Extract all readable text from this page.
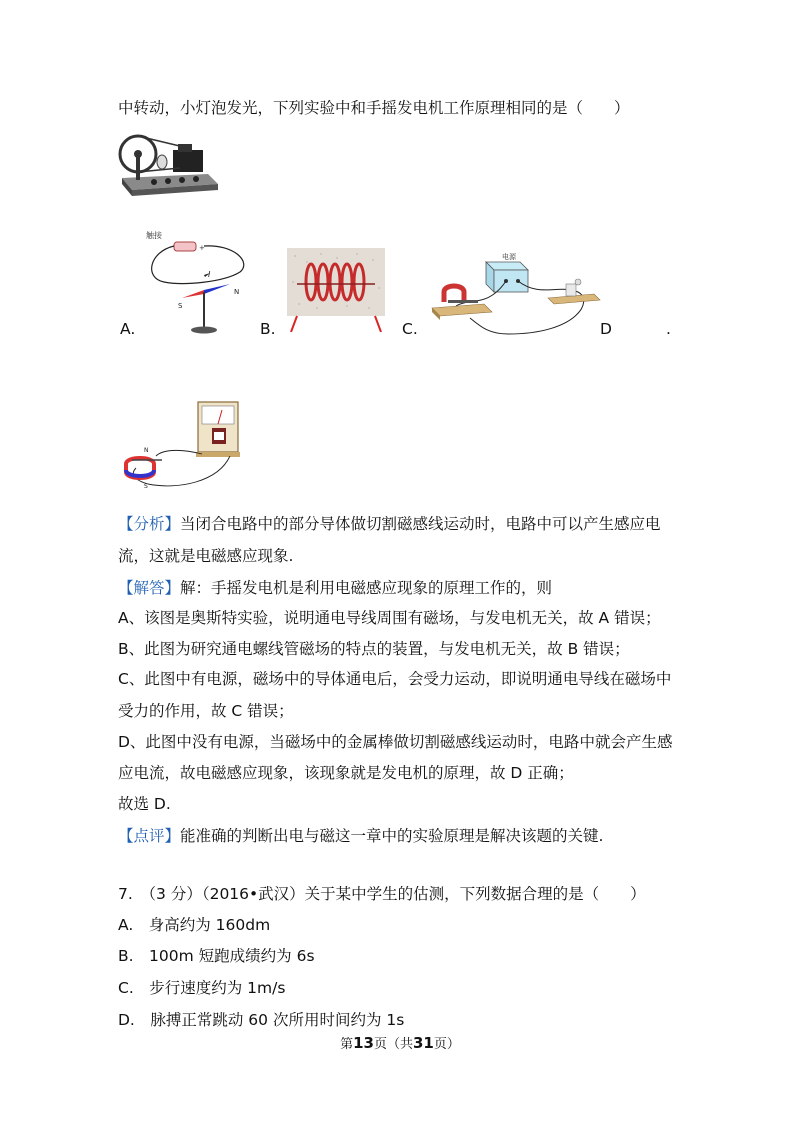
中转动，小灯泡发光，下列实验中和手摇发电机工作原理相同的是（　　）
触接
+
I
S
N
A.	B.
电源
C.	D	.
N
S
【分析】当闭合电路中的部分导体做切割磁感线运动时，电路中可以产生感应电
流，这就是电磁感应现象.
【解答】解：手摇发电机是利用电磁感应现象的原理工作的，则
A、该图是奥斯特实验，说明通电导线周围有磁场，与发电机无关，故 A 错误；
B、此图为研究通电螺线管磁场的特点的装置，与发电机无关，故 B 错误；
C、此图中有电源，磁场中的导体通电后，会受力运动，即说明通电导线在磁场中
受力的作用，故 C 错误；
D、此图中没有电源，当磁场中的金属棒做切割磁感线运动时，电路中就会产生感
应电流，故电磁感应现象，该现象就是发电机的原理，故 D 正确；
故选 D.
【点评】能准确的判断出电与磁这一章中的实验原理是解决该题的关键.
7.　（3 分）（2016•武汉）关于某中学生的估测，下列数据合理的是（　　）
A.　身高约为 160dm
B.　100m 短跑成绩约为 6s
C.　步行速度约为 1m/s
D.　脉搏正常跳动 60 次所用时间约为 1s
第13页（共31页）
